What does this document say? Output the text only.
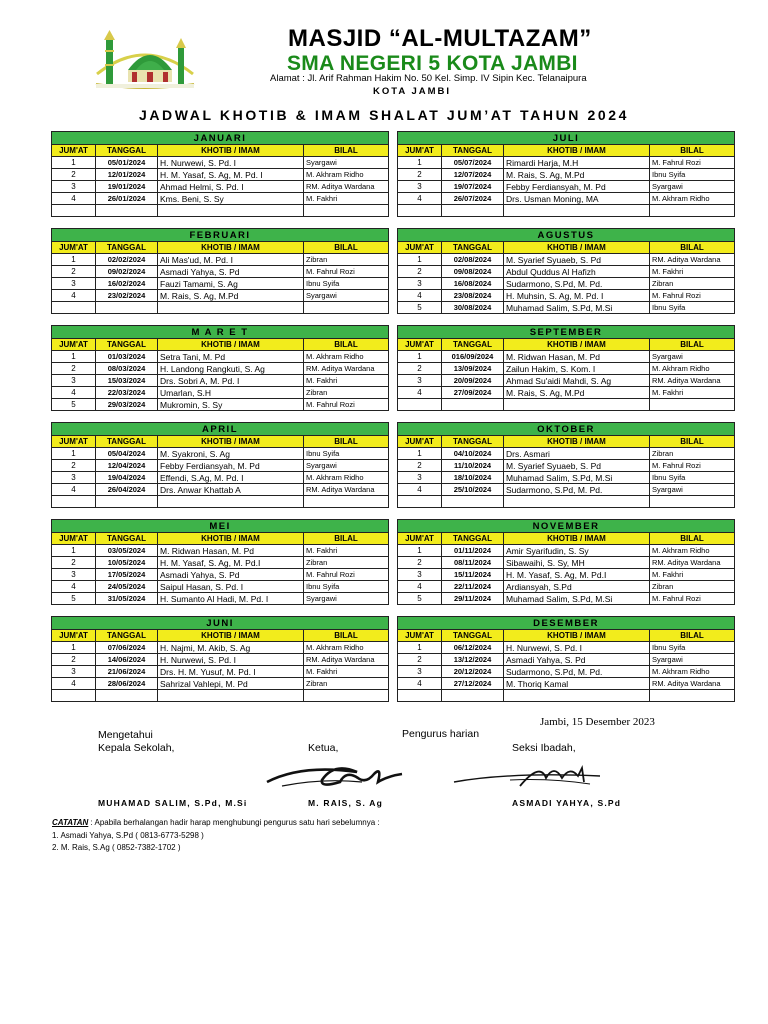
MASJID “AL-MULTAZAM”
SMA NEGERI 5 KOTA JAMBI
Alamat : Jl. Arif Rahman Hakim No. 50 Kel. Simp. IV Sipin Kec. Telanaipura
KOTA JAMBI
JADWAL KHOTIB & IMAM SHALAT JUM’AT TAHUN 2024
JANUARI			
JUM'AT	TANGGAL	KHOTIB / IMAM	BILAL
1	05/01/2024	H. Nurwewi, S. Pd. I	Syargawi
2	12/01/2024	H. M. Yasaf, S. Ag, M. Pd. I	M. Akhram Ridho
3	19/01/2024	Ahmad Helmi, S. Pd. I	RM. Aditya Wardana
4	26/01/2024	Kms. Beni, S. Sy	M. Fakhri

JULI			
JUM'AT	TANGGAL	KHOTIB / IMAM	BILAL
1	05/07/2024	Rimardi Harja, M.H	M. Fahrul Rozi
2	12/07/2024	M. Rais, S. Ag, M.Pd	Ibnu Syifa
3	19/07/2024	Febby Ferdiansyah, M. Pd	Syargawi
4	26/07/2024	Drs. Usman Moning, MA	M. Akhram Ridho

FEBRUARI			
JUM'AT	TANGGAL	KHOTIB / IMAM	BILAL
1	02/02/2024	Ali Mas'ud, M. Pd. I	Zibran
2	09/02/2024	Asmadi Yahya, S. Pd	M. Fahrul Rozi
3	16/02/2024	Fauzi Tamami, S. Ag	Ibnu Syifa
4	23/02/2024	M. Rais, S. Ag, M.Pd	Syargawi

AGUSTUS			
JUM'AT	TANGGAL	KHOTIB / IMAM	BILAL
1	02/08/2024	M. Syarief Syuaeb, S. Pd	RM. Aditya Wardana
2	09/08/2024	Abdul Quddus Al Hafizh	M. Fakhri
3	16/08/2024	Sudarmono, S.Pd, M. Pd.	Zibran
4	23/08/2024	H. Muhsin, S. Ag, M. Pd. I	M. Fahrul Rozi
5	30/08/2024	Muhamad Salim, S.Pd, M.Si	Ibnu Syifa
M A R E T			
JUM'AT	TANGGAL	KHOTIB / IMAM	BILAL
1	01/03/2024	Setra Tani, M. Pd	M. Akhram Ridho
2	08/03/2024	H. Landong Rangkuti, S. Ag	RM. Aditya Wardana
3	15/03/2024	Drs. Sobri A, M. Pd. I	M. Fakhri
4	22/03/2024	Umarlan, S.H	Zibran
5	29/03/2024	Mukromin, S. Sy	M. Fahrul Rozi
SEPTEMBER			
JUM'AT	TANGGAL	KHOTIB / IMAM	BILAL
1	016/09/2024	M. Ridwan Hasan, M. Pd	Syargawi
2	13/09/2024	Zailun Hakim, S. Kom. I	M. Akhram Ridho
3	20/09/2024	Ahmad Su'aidi Mahdi, S. Ag	RM. Aditya Wardana
4	27/09/2024	M. Rais, S. Ag, M.Pd	M. Fakhri

APRIL			
JUM'AT	TANGGAL	KHOTIB / IMAM	BILAL
1	05/04/2024	M. Syakroni, S. Ag	Ibnu Syifa
2	12/04/2024	Febby Ferdiansyah, M. Pd	Syargawi
3	19/04/2024	Effendi, S.Ag, M. Pd. I	M. Akhram Ridho
4	26/04/2024	Drs. Anwar Khattab A	RM. Aditya Wardana

OKTOBER			
JUM'AT	TANGGAL	KHOTIB / IMAM	BILAL
1	04/10/2024	Drs. Asmari	Zibran
2	11/10/2024	M. Syarief Syuaeb, S. Pd	M. Fahrul Rozi
3	18/10/2024	Muhamad Salim, S.Pd, M.Si	Ibnu Syifa
4	25/10/2024	Sudarmono, S.Pd, M. Pd.	Syargawi

MEI			
JUM'AT	TANGGAL	KHOTIB / IMAM	BILAL
1	03/05/2024	M. Ridwan Hasan, M. Pd	M. Fakhri
2	10/05/2024	H. M. Yasaf, S. Ag, M. Pd.I	Zibran
3	17/05/2024	Asmadi Yahya, S. Pd	M. Fahrul Rozi
4	24/05/2024	Saipul Hasan, S. Pd. I	Ibnu Syifa
5	31/05/2024	H. Sumanto Al Hadi, M. Pd. I	Syargawi
NOVEMBER			
JUM'AT	TANGGAL	KHOTIB / IMAM	BILAL
1	01/11/2024	Amir Syarifudin, S. Sy	M. Akhram Ridho
2	08/11/2024	Sibawaihi, S. Sy, MH	RM. Aditya Wardana
3	15/11/2024	H. M. Yasaf, S. Ag, M. Pd.I	M. Fakhri
4	22/11/2024	Ardiansyah, S.Pd	Zibran
5	29/11/2024	Muhamad Salim, S.Pd, M.Si	M. Fahrul Rozi
JUNI			
JUM'AT	TANGGAL	KHOTIB / IMAM	BILAL
1	07/06/2024	H. Najmi, M. Akib, S. Ag	M. Akhram Ridho
2	14/06/2024	H. Nurwewi, S. Pd. I	RM. Aditya Wardana
3	21/06/2024	Drs. H. M. Yusuf, M. Pd. I	M. Fakhri
4	28/06/2024	Sahrizal Vahlepi, M. Pd	Zibran

DESEMBER			
JUM'AT	TANGGAL	KHOTIB / IMAM	BILAL
1	06/12/2024	H. Nurwewi, S. Pd. I	Ibnu Syifa
2	13/12/2024	Asmadi Yahya, S. Pd	Syargawi
3	20/12/2024	Sudarmono, S.Pd, M. Pd.	M. Akhram Ridho
4	27/12/2024	M. Thoriq Kamal	RM. Aditya Wardana

Jambi, 15 Desember 2023
Mengetahui	Pengurus harian
Kepala Sekolah,	Ketua,	Seksi Ibadah,
MUHAMAD SALIM, S.Pd, M.Si	M. RAIS, S. Ag	ASMADI YAHYA, S.Pd
CATATAN : Apabila berhalangan hadir harap menghubungi pengurus satu hari sebelumnya :
1. Asmadi Yahya, S.Pd ( 0813-6773-5298 )
2. M. Rais, S.Ag ( 0852-7382-1702 )
